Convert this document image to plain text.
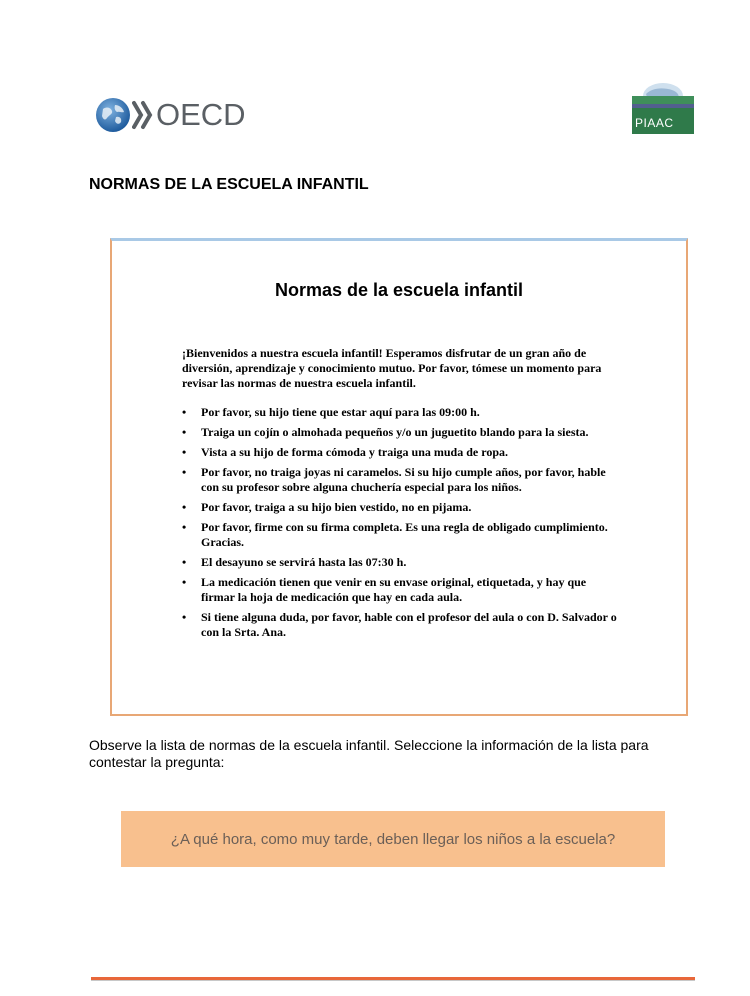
OECD	PIAAC
NORMAS DE LA ESCUELA INFANTIL
Normas de la escuela infantil

¡Bienvenidos a nuestra escuela infantil! Esperamos disfrutar de un gran año de diversión, aprendizaje y conocimiento mutuo. Por favor, tómese un momento para revisar las normas de nuestra escuela infantil.

• Por favor, su hijo tiene que estar aquí para las 09:00 h.
• Traiga un cojín o almohada pequeños y/o un juguetito blando para la siesta.
• Vista a su hijo de forma cómoda y traiga una muda de ropa.
• Por favor, no traiga joyas ni caramelos. Si su hijo cumple años, por favor, hable con su profesor sobre alguna chuchería especial para los niños.
• Por favor, traiga a su hijo bien vestido, no en pijama.
• Por favor, firme con su firma completa. Es una regla de obligado cumplimiento. Gracias.
• El desayuno se servirá hasta las 07:30 h.
• La medicación tienen que venir en su envase original, etiquetada, y hay que firmar la hoja de medicación que hay en cada aula.
• Si tiene alguna duda, por favor, hable con el profesor del aula o con D. Salvador o con la Srta. Ana.

Observe la lista de normas de la escuela infantil. Seleccione la información de la lista para contestar la pregunta:

¿A qué hora, como muy tarde, deben llegar los niños a la escuela?
